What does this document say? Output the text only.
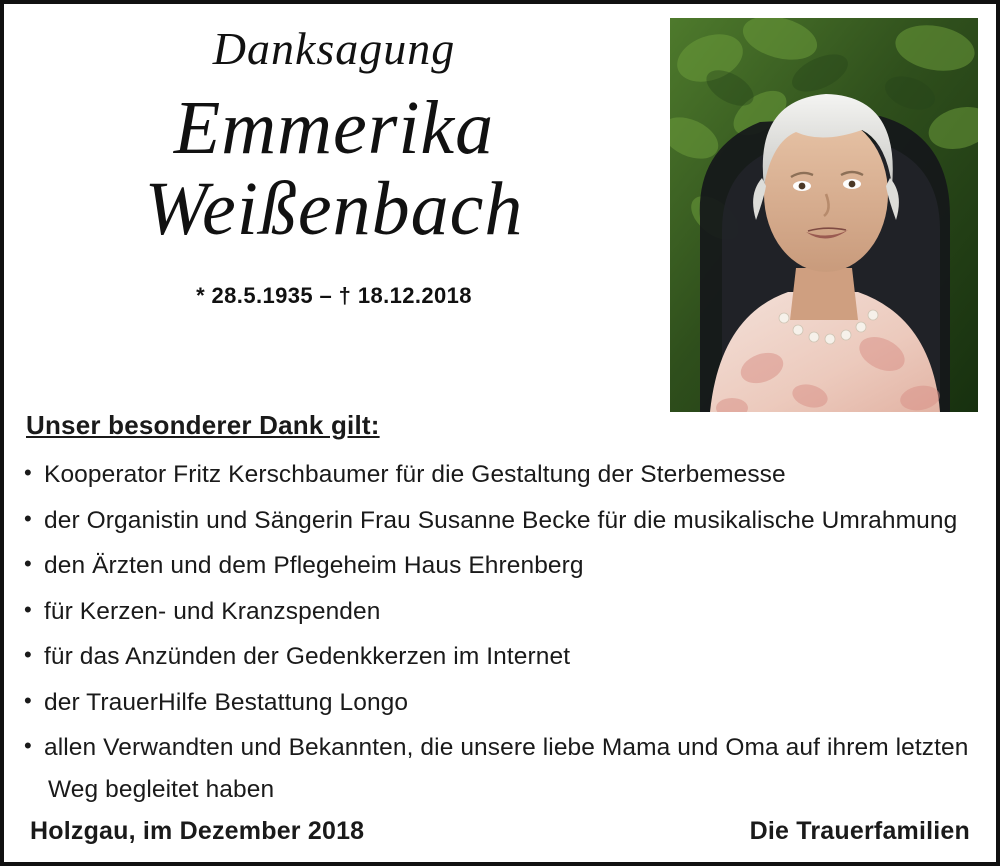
Danksagung
Emmerika
Weißenbach
* 28.5.1935 – † 18.12.2018
Unser besonderer Dank gilt:
• Kooperator Fritz Kerschbaumer für die Gestaltung der Sterbemesse
• der Organistin und Sängerin Frau Susanne Becke für die musikalische Umrahmung
• den Ärzten und dem Pflegeheim Haus Ehrenberg
• für Kerzen- und Kranzspenden
• für das Anzünden der Gedenkkerzen im Internet
• der TrauerHilfe Bestattung Longo
• allen Verwandten und Bekannten, die unsere liebe Mama und Oma auf ihrem letzten
Weg begleitet haben
Holzgau, im Dezember 2018	Die Trauerfamilien
